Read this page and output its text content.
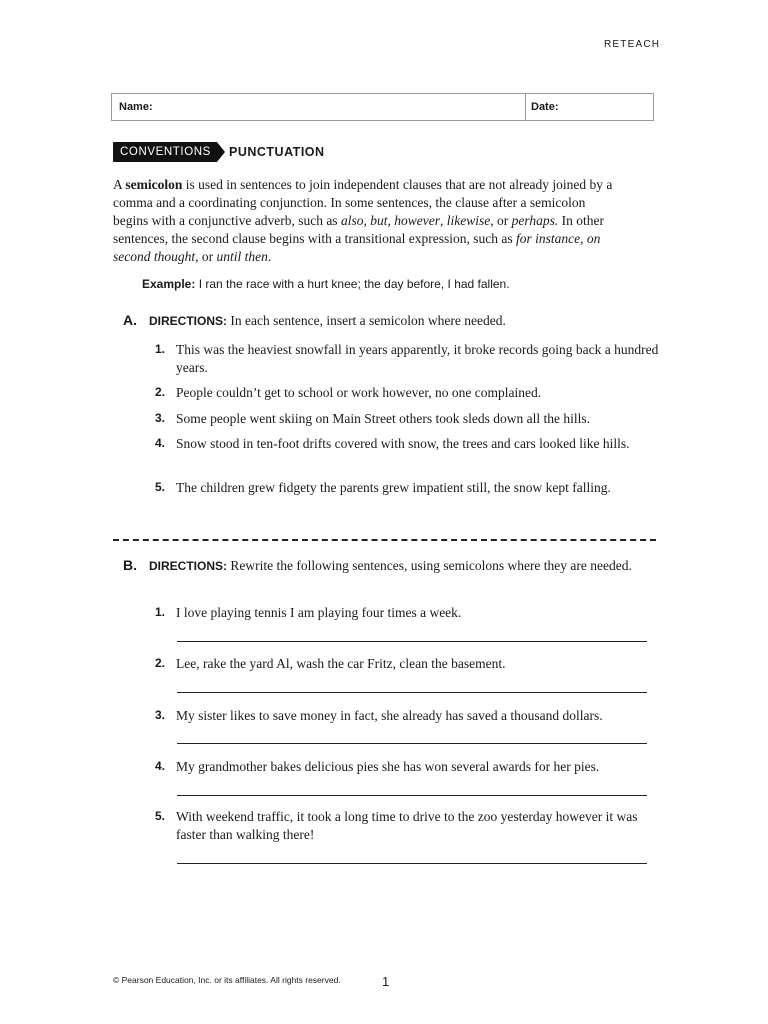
RETEACH
Name:	Date:
CONVENTIONS	PUNCTUATION

A semicolon is used in sentences to join independent clauses that are not already joined by a comma and a coordinating conjunction. In some sentences, the clause after a semicolon begins with a conjunctive adverb, such as also, but, however, likewise, or perhaps. In other sentences, the second clause begins with a transitional expression, such as for instance, on second thought, or until then.

Example: I ran the race with a hurt knee; the day before, I had fallen.
A. DIRECTIONS: In each sentence, insert a semicolon where needed.
1. This was the heaviest snowfall in years apparently, it broke records going back a hundred years.
2. People couldn’t get to school or work however, no one complained.
3. Some people went skiing on Main Street others took sleds down all the hills.
4. Snow stood in ten-foot drifts covered with snow, the trees and cars looked like hills.
5. The children grew fidgety the parents grew impatient still, the snow kept falling.
B. DIRECTIONS: Rewrite the following sentences, using semicolons where they are needed.
1. I love playing tennis I am playing four times a week.
2. Lee, rake the yard Al, wash the car Fritz, clean the basement.
3. My sister likes to save money in fact, she already has saved a thousand dollars.
4. My grandmother bakes delicious pies she has won several awards for her pies.
5. With weekend traffic, it took a long time to drive to the zoo yesterday however it was faster than walking there!
© Pearson Education, Inc. or its affiliates. All rights reserved.	1
